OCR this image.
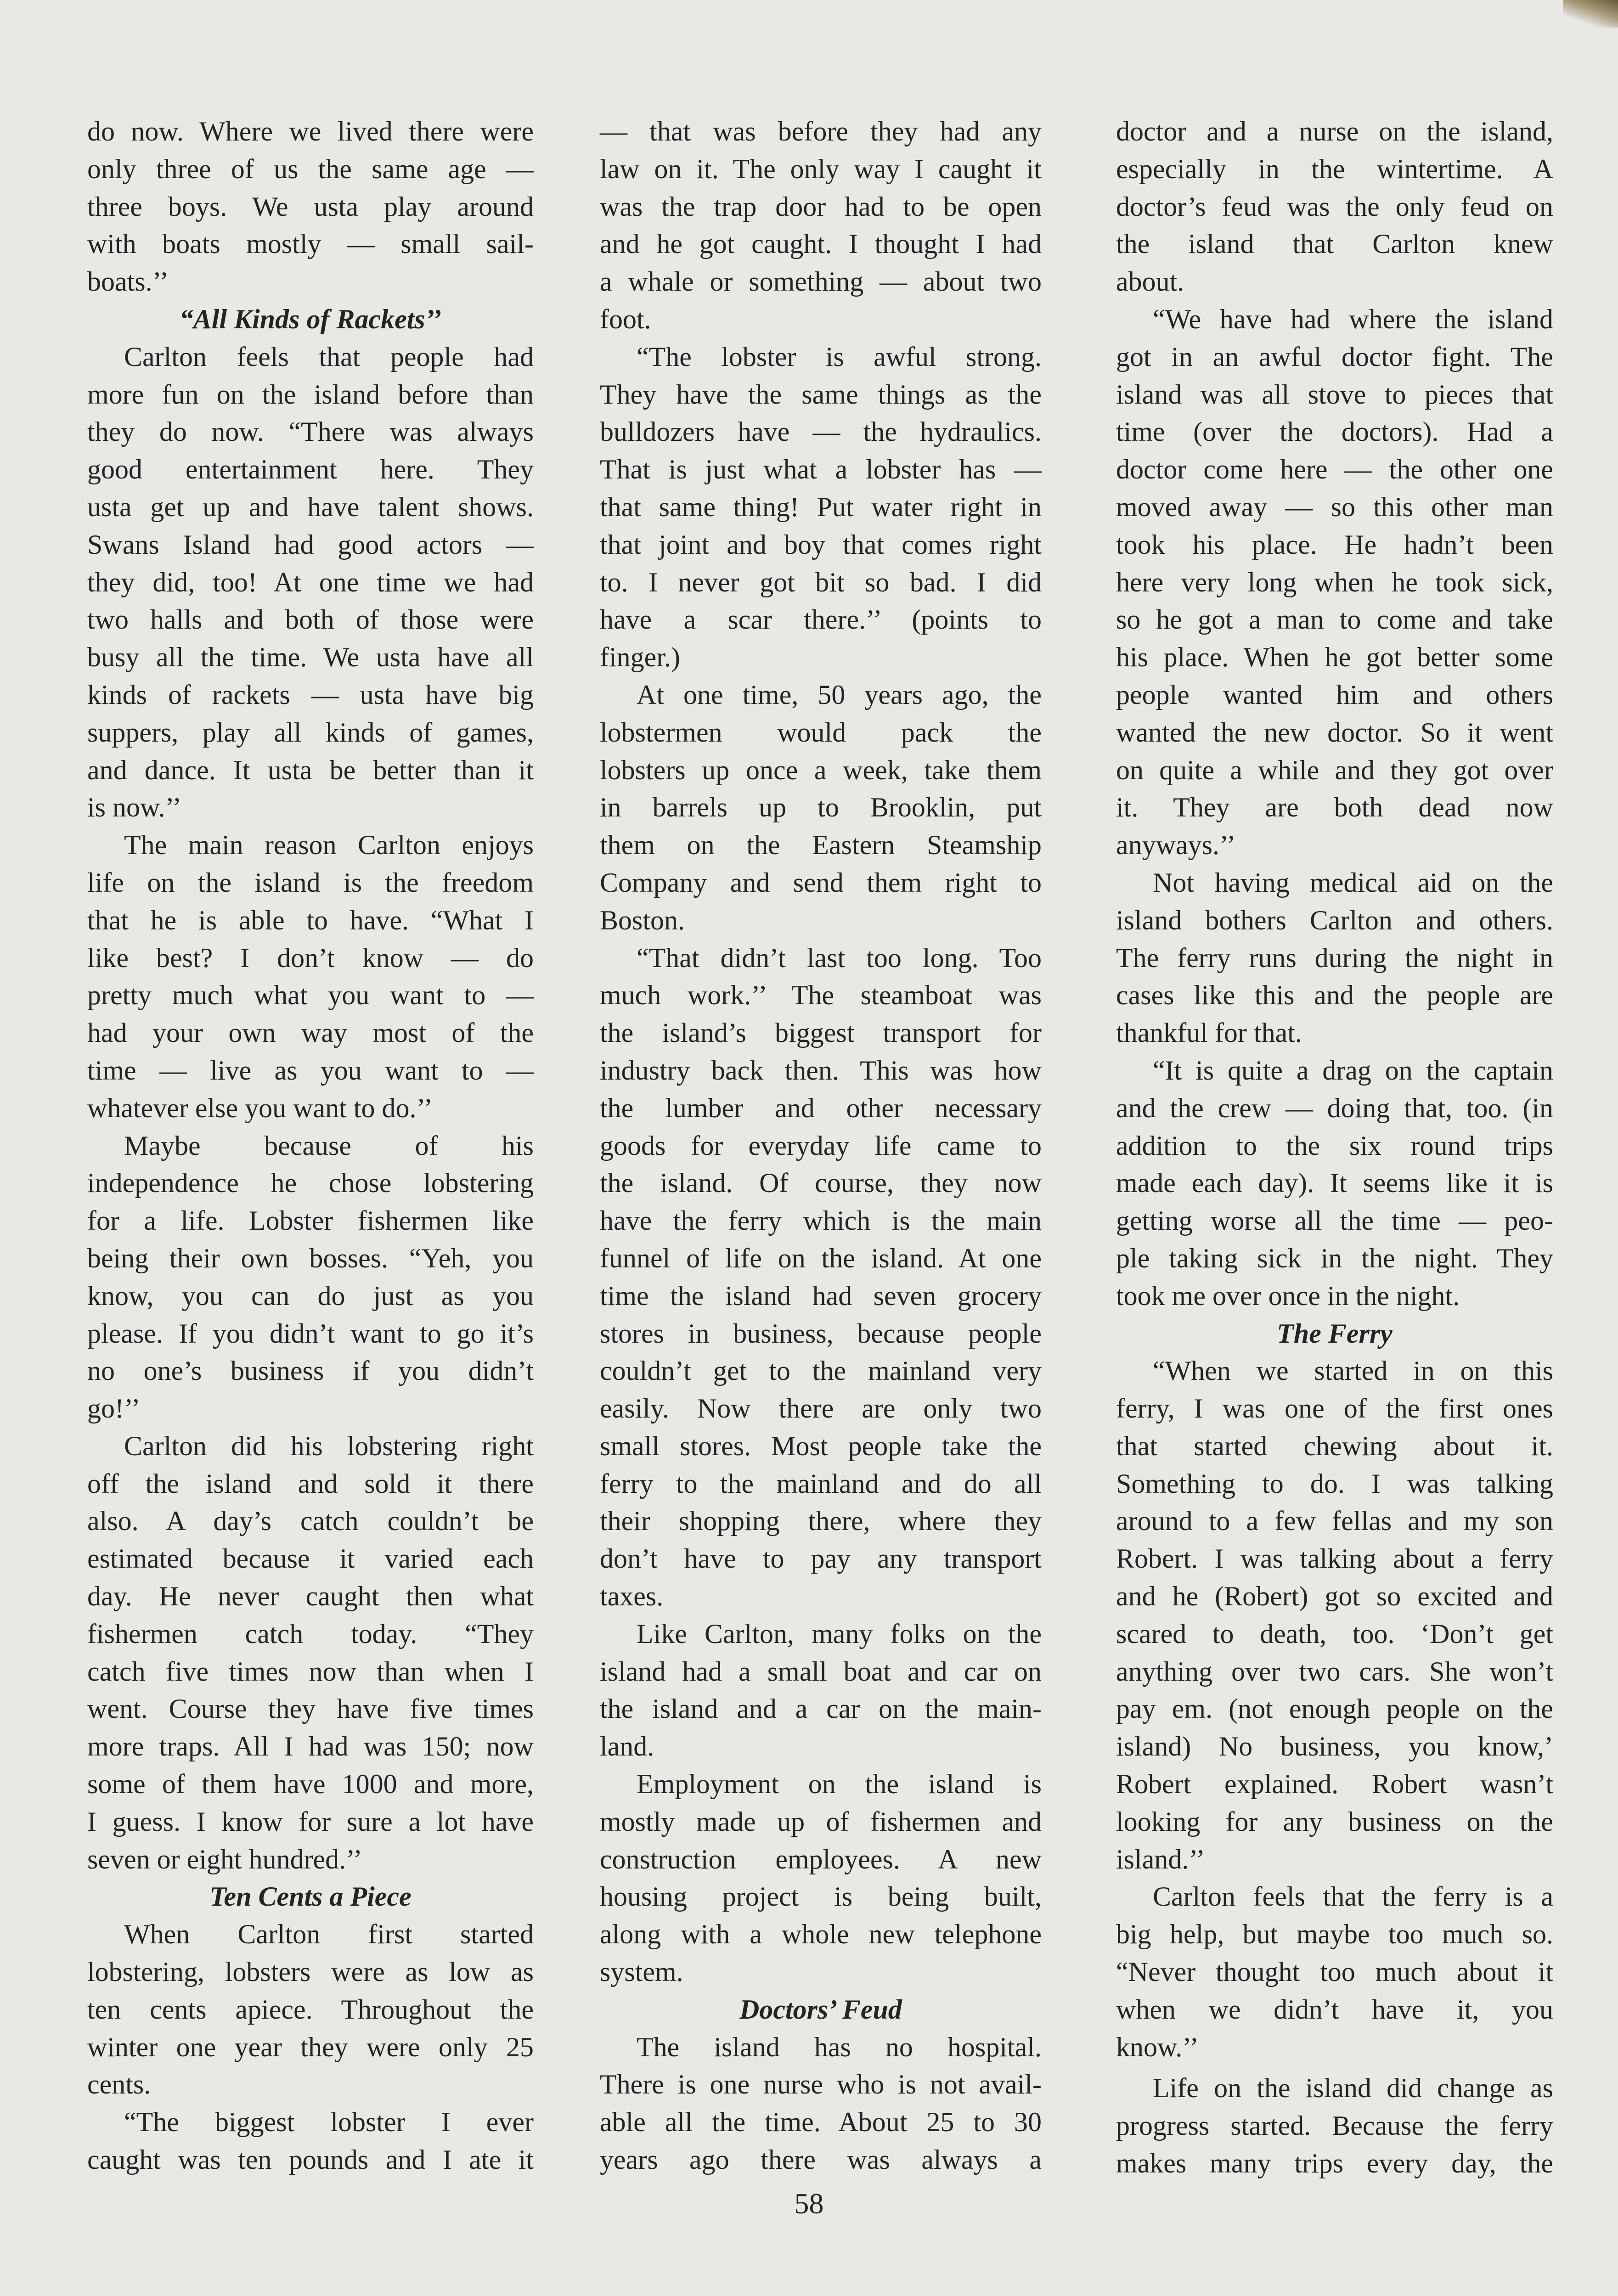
do now. Where we lived there were
only three of us the same age —
three boys. We usta play around
with boats mostly — small sail-
boats.’’
“All Kinds of Rackets’’
Carlton feels that people had
more fun on the island before than
they do now. “There was always
good entertainment here. They
usta get up and have talent shows.
Swans Island had good actors —
they did, too! At one time we had
two halls and both of those were
busy all the time. We usta have all
kinds of rackets — usta have big
suppers, play all kinds of games,
and dance. It usta be better than it
is now.’’
The main reason Carlton enjoys
life on the island is the freedom
that he is able to have. “What I
like best? I don’t know — do
pretty much what you want to —
had your own way most of the
time — live as you want to —
whatever else you want to do.’’
Maybe because of his
independence he chose lobstering
for a life. Lobster fishermen like
being their own bosses. “Yeh, you
know, you can do just as you
please. If you didn’t want to go it’s
no one’s business if you didn’t
go!’’
Carlton did his lobstering right
off the island and sold it there
also. A day’s catch couldn’t be
estimated because it varied each
day. He never caught then what
fishermen catch today. “They
catch five times now than when I
went. Course they have five times
more traps. All I had was 150; now
some of them have 1000 and more,
I guess. I know for sure a lot have
seven or eight hundred.’’
Ten Cents a Piece
When Carlton first started
lobstering, lobsters were as low as
ten cents apiece. Throughout the
winter one year they were only 25
cents.
“The biggest lobster I ever
caught was ten pounds and I ate it
— that was before they had any
law on it. The only way I caught it
was the trap door had to be open
and he got caught. I thought I had
a whale or something — about two
foot.
“The lobster is awful strong.
They have the same things as the
bulldozers have — the hydraulics.
That is just what a lobster has —
that same thing! Put water right in
that joint and boy that comes right
to. I never got bit so bad. I did
have a scar there.’’ (points to
finger.)
At one time, 50 years ago, the
lobstermen would pack the
lobsters up once a week, take them
in barrels up to Brooklin, put
them on the Eastern Steamship
Company and send them right to
Boston.
“That didn’t last too long. Too
much work.’’ The steamboat was
the island’s biggest transport for
industry back then. This was how
the lumber and other necessary
goods for everyday life came to
the island. Of course, they now
have the ferry which is the main
funnel of life on the island. At one
time the island had seven grocery
stores in business, because people
couldn’t get to the mainland very
easily. Now there are only two
small stores. Most people take the
ferry to the mainland and do all
their shopping there, where they
don’t have to pay any transport
taxes.
Like Carlton, many folks on the
island had a small boat and car on
the island and a car on the main-
land.
Employment on the island is
mostly made up of fishermen and
construction employees. A new
housing project is being built,
along with a whole new telephone
system.
Doctors’ Feud
The island has no hospital.
There is one nurse who is not avail-
able all the time. About 25 to 30
years ago there was always a
doctor and a nurse on the island,
especially in the wintertime. A
doctor’s feud was the only feud on
the island that Carlton knew
about.
“We have had where the island
got in an awful doctor fight. The
island was all stove to pieces that
time (over the doctors). Had a
doctor come here — the other one
moved away — so this other man
took his place. He hadn’t been
here very long when he took sick,
so he got a man to come and take
his place. When he got better some
people wanted him and others
wanted the new doctor. So it went
on quite a while and they got over
it. They are both dead now
anyways.’’
Not having medical aid on the
island bothers Carlton and others.
The ferry runs during the night in
cases like this and the people are
thankful for that.
“It is quite a drag on the captain
and the crew — doing that, too. (in
addition to the six round trips
made each day). It seems like it is
getting worse all the time — peo-
ple taking sick in the night. They
took me over once in the night.
The Ferry
“When we started in on this
ferry, I was one of the first ones
that started chewing about it.
Something to do. I was talking
around to a few fellas and my son
Robert. I was talking about a ferry
and he (Robert) got so excited and
scared to death, too. ‘Don’t get
anything over two cars. She won’t
pay em. (not enough people on the
island) No business, you know,’
Robert explained. Robert wasn’t
looking for any business on the
island.’’
Carlton feels that the ferry is a
big help, but maybe too much so.
“Never thought too much about it
when we didn’t have it, you
know.’’
Life on the island did change as
progress started. Because the ferry
makes many trips every day, the
58
